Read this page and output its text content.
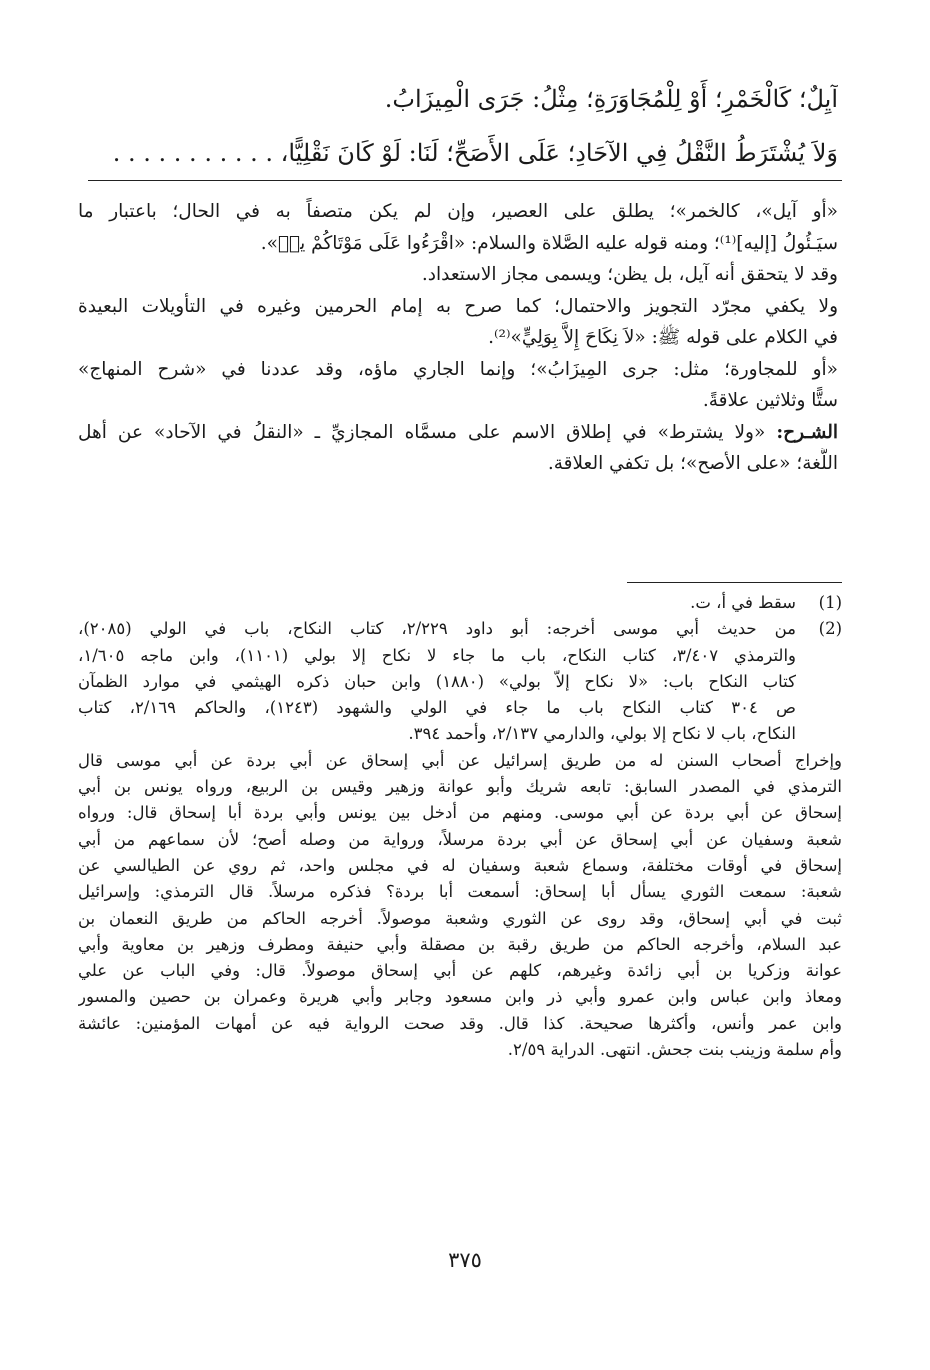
آيِلٌ؛ كَالْخَمْرِ؛ أَوْ لِلْمُجَاوَرَةِ؛ مِثْلُ: جَرَى الْمِيزَابُ.
وَلاَ يُشْتَرَطُ النَّقْلُ فِي الآحَادِ؛ عَلَى الأَصَحِّ؛ لَنَا: لَوْ كَانَ نَقْلِيًّا، . . . . . . . . . . .
«أو آيل»، كالخمر»؛ يطلق على العصير، وإن لم يكن متصفاً به في الحال؛ باعتبار ما
سيَـئُولُ [إليه]⁽¹⁾؛ ومنه قوله عليه الصَّلاة والسلام: «اقْرَءُوا عَلَى مَوْتَاكُمْ يسۤ».
وقد لا يتحقق أنه آيل، بل يظن؛ ويسمى مجاز الاستعداد.
ولا يكفي مجرّد التجويز والاحتمال؛ كما صرح به إمام الحرمين وغيره في التأويلات البعيدة
في الكلام على قوله ﷺ: «لاَ نِكَاحَ إِلاَّ بِوَلِيٍّ»⁽²⁾.
«أو للمجاورة؛ مثل: جرى المِيزَابُ»؛ وإنما الجاري ماؤه، وقد عددنا في «شرح المنهاج»
ستًّا وثلاثين علاقةً.
الشـرح: «ولا يشترط» في إطلاق الاسم على مسمَّاه المجازيِّ ـ «النقلُ في الآحاد» عن أهل
اللُّغة؛ «على الأصح»؛ بل تكفي العلاقة.
(1)سقط في أ، ت.
(2)من حديث أبي موسى أخرجه: أبو داود ٢/٢٢٩، كتاب النكاح، باب في الولي (٢٠٨٥)،
والترمذي ٣/٤٠٧، كتاب النكاح، باب ما جاء لا نكاح إلا بولي (١١٠١)، وابن ماجه ١/٦٠٥،
كتاب النكاح باب: «لا نكاح إلاّ بولي» (١٨٨٠) وابن حبان ذكره الهيثمي في موارد الظمآن
ص ٣٠٤ كتاب النكاح باب ما جاء في الولي والشهود (١٢٤٣)، والحاكم ٢/١٦٩، كتاب
النكاح، باب لا نكاح إلا بولي، والدارمي ٢/١٣٧، وأحمد ٣٩٤.
وإخراج أصحاب السنن له من طريق إسرائيل عن أبي إسحاق عن أبي بردة عن أبي موسى قال
الترمذي في المصدر السابق: تابعه شريك وأبو عوانة وزهير وقيس بن الربيع، ورواه يونس بن أبي
إسحاق عن أبي بردة عن أبي موسى. ومنهم من أدخل بين يونس وأبي بردة أبا إسحاق قال: ورواه
شعبة وسفيان عن أبي إسحاق عن أبي بردة مرسلاً، ورواية من وصله أصح؛ لأن سماعهم من أبي
إسحاق في أوقات مختلفة، وسماع شعبة وسفيان له في مجلس واحد، ثم روي عن الطيالسي عن
شعبة: سمعت الثوري يسأل أبا إسحاق: أسمعت أبا بردة؟ فذكره مرسلاً. قال الترمذي: وإسرائيل
ثبت في أبي إسحاق، وقد روى عن الثوري وشعبة موصولاً. أخرجه الحاكم من طريق النعمان بن
عبد السلام، وأخرجه الحاكم من طريق رقبة بن مصقلة وأبي حنيفة ومطرف وزهير بن معاوية وأبي
عوانة وزكريا بن أبي زائدة وغيرهم، كلهم عن أبي إسحاق موصولاً. قال: وفي الباب عن علي
ومعاذ وابن عباس وابن عمرو وأبي ذر وابن مسعود وجابر وأبي هريرة وعمران بن حصين والمسور
وابن عمر وأنس، وأكثرها صحيحة. كذا قال. وقد صحت الرواية فيه عن أمهات المؤمنين: عائشة
وأم سلمة وزينب بنت جحش. انتهى. الدراية ٢/٥٩.
٣٧٥
